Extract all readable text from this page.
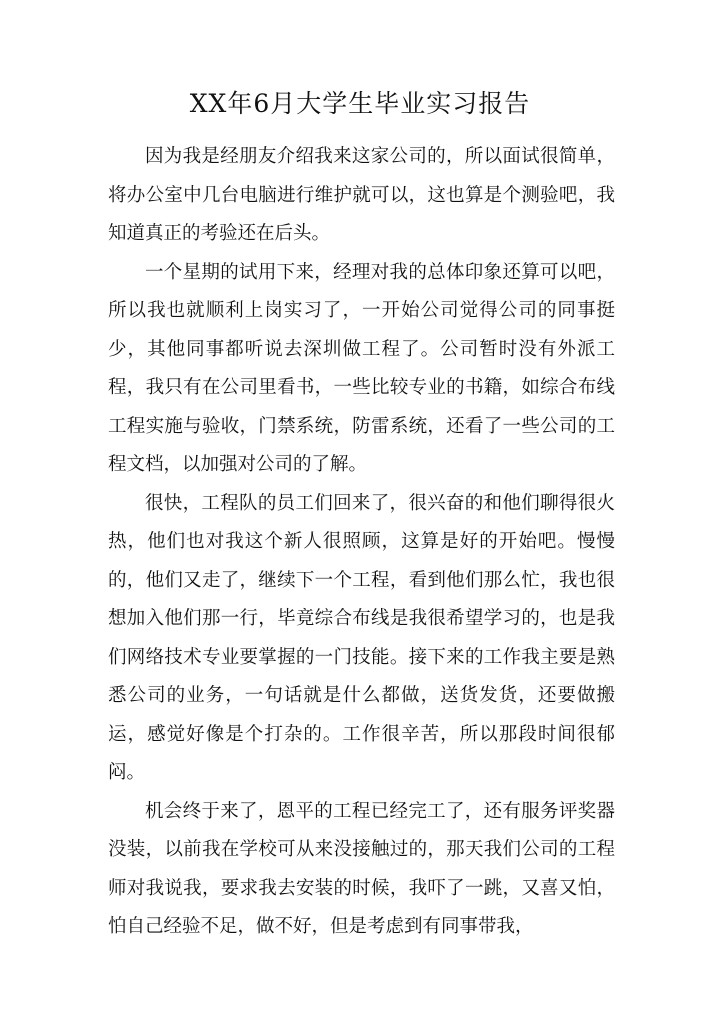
XX年6月大学生毕业实习报告

因为我是经朋友介绍我来这家公司的，所以面试很简单，将办公室中几台电脑进行维护就可以，这也算是个测验吧，我知道真正的考验还在后头。

一个星期的试用下来，经理对我的总体印象还算可以吧，所以我也就顺利上岗实习了，一开始公司觉得公司的同事挺少，其他同事都听说去深圳做工程了。公司暂时没有外派工程，我只有在公司里看书，一些比较专业的书籍，如综合布线工程实施与验收，门禁系统，防雷系统，还看了一些公司的工程文档，以加强对公司的了解。

很快，工程队的员工们回来了，很兴奋的和他们聊得很火热，他们也对我这个新人很照顾，这算是好的开始吧。慢慢的，他们又走了，继续下一个工程，看到他们那么忙，我也很想加入他们那一行，毕竟综合布线是我很希望学习的，也是我们网络技术专业要掌握的一门技能。接下来的工作我主要是熟悉公司的业务，一句话就是什么都做，送货发货，还要做搬运，感觉好像是个打杂的。工作很辛苦，所以那段时间很郁闷。

机会终于来了，恩平的工程已经完工了，还有服务评奖器没装，以前我在学校可从来没接触过的，那天我们公司的工程师对我说我，要求我去安装的时候，我吓了一跳，又喜又怕，怕自己经验不足，做不好，但是考虑到有同事带我，
